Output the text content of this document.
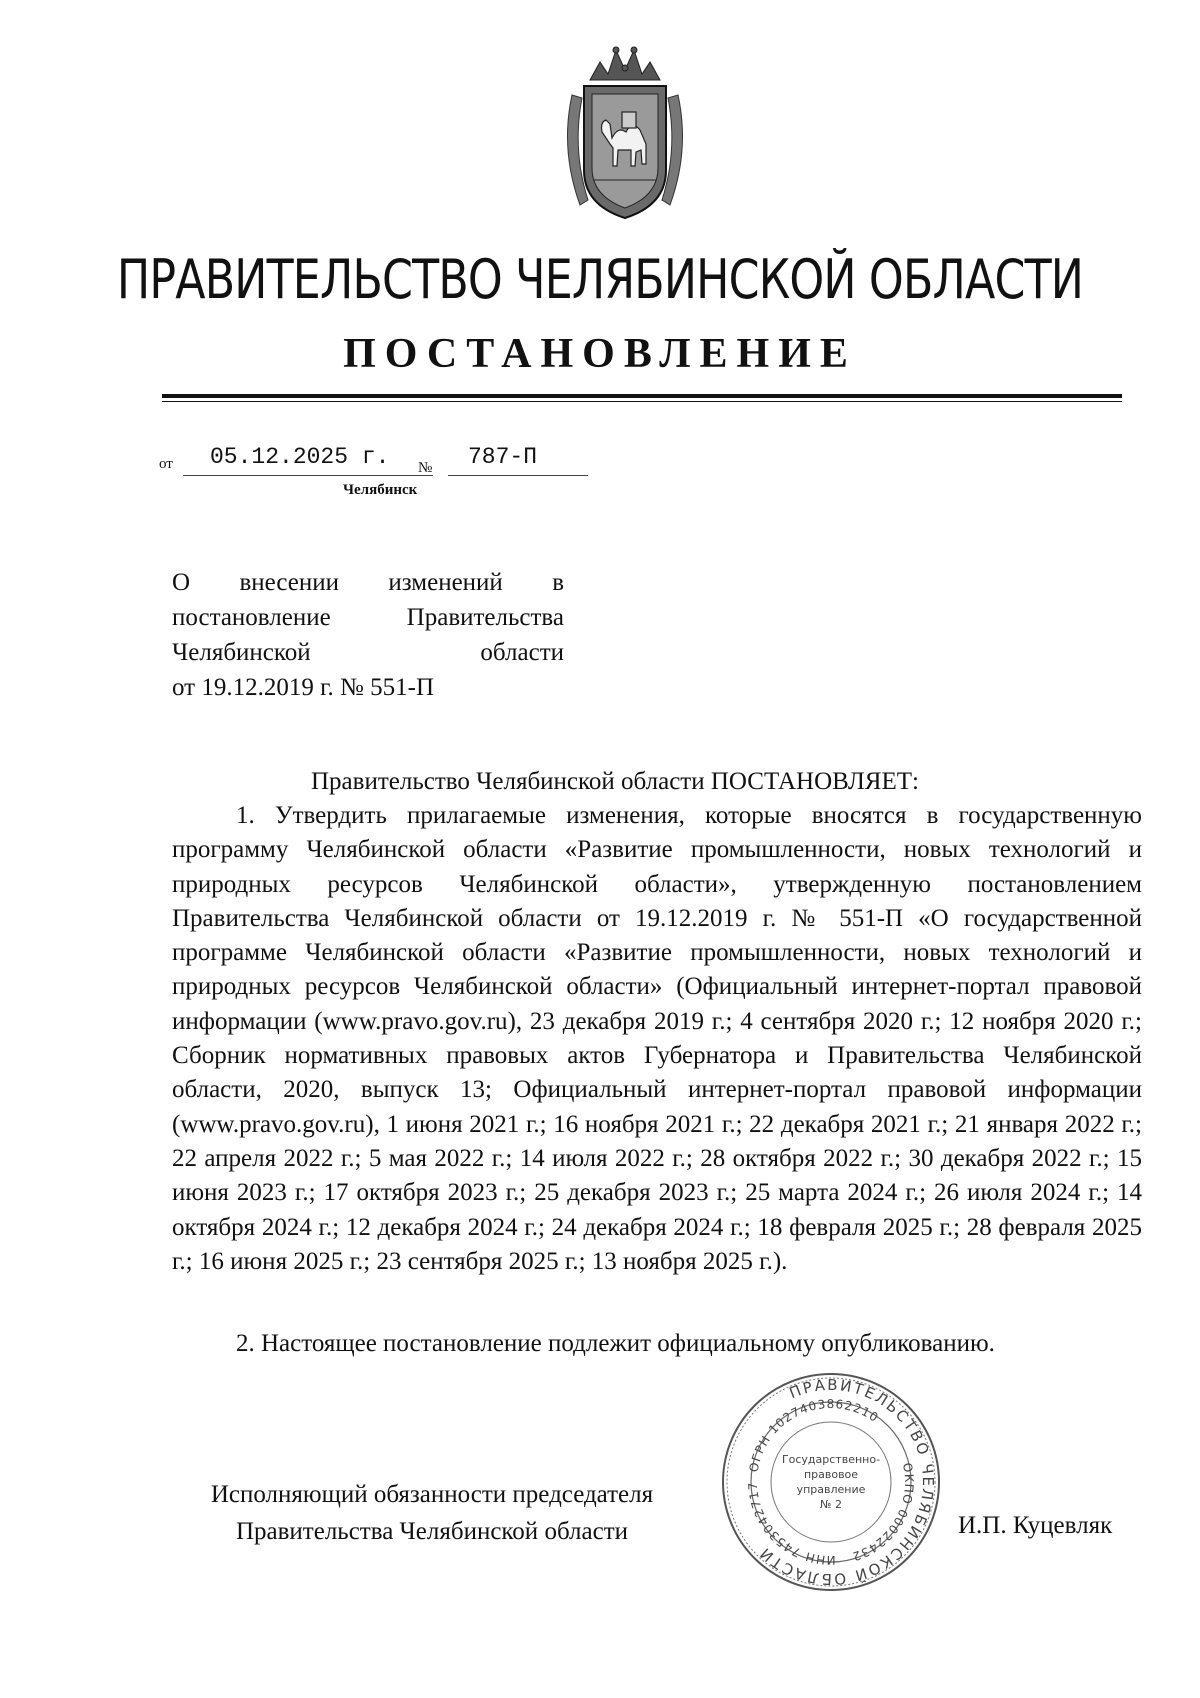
ПРАВИТЕЛЬСТВО ЧЕЛЯБИНСКОЙ ОБЛАСТИ
ПОСТАНОВЛЕНИЕ
от 05.12.2025 г. № 787-П
Челябинск
О внесении изменений в
постановление Правительства
Челябинской области
от 19.12.2019 г. № 551-П
Правительство Челябинской области ПОСТАНОВЛЯЕТ:
1. Утвердить прилагаемые изменения, которые вносятся в государственную программу Челябинской области «Развитие промышленности, новых технологий и природных ресурсов Челябинской области», утвержденную постановлением Правительства Челябинской области от 19.12.2019 г. № 551-П «О государственной программе Челябинской области «Развитие промышленности, новых технологий и природных ресурсов Челябинской области» (Официальный интернет-портал правовой информации (www.pravo.gov.ru), 23 декабря 2019 г.; 4 сентября 2020 г.; 12 ноября 2020 г.; Сборник нормативных правовых актов Губернатора и Правительства Челябинской области, 2020, выпуск 13; Официальный интернет-портал правовой информации (www.pravo.gov.ru), 1 июня 2021 г.; 16 ноября 2021 г.; 22 декабря 2021 г.; 21 января 2022 г.; 22 апреля 2022 г.; 5 мая 2022 г.; 14 июля 2022 г.; 28 октября 2022 г.; 30 декабря 2022 г.; 15 июня 2023 г.; 17 октября 2023 г.; 25 декабря 2023 г.; 25 марта 2024 г.; 26 июля 2024 г.; 14 октября 2024 г.; 12 декабря 2024 г.; 24 декабря 2024 г.; 18 февраля 2025 г.; 28 февраля 2025 г.; 16 июня 2025 г.; 23 сентября 2025 г.; 13 ноября 2025 г.).
2. Настоящее постановление подлежит официальному опубликованию.
Исполняющий обязанности председателя
Правительства Челябинской области
ПРАВИТЕЛЬСТВО ЧЕЛЯБИНСКОЙ ОБЛАСТИ
ОГРН 1027403862210
ОКПО 00022432
ИНН 7453042717
Государственно-
правовое
управление
№ 2
И.П. Куцевляк
